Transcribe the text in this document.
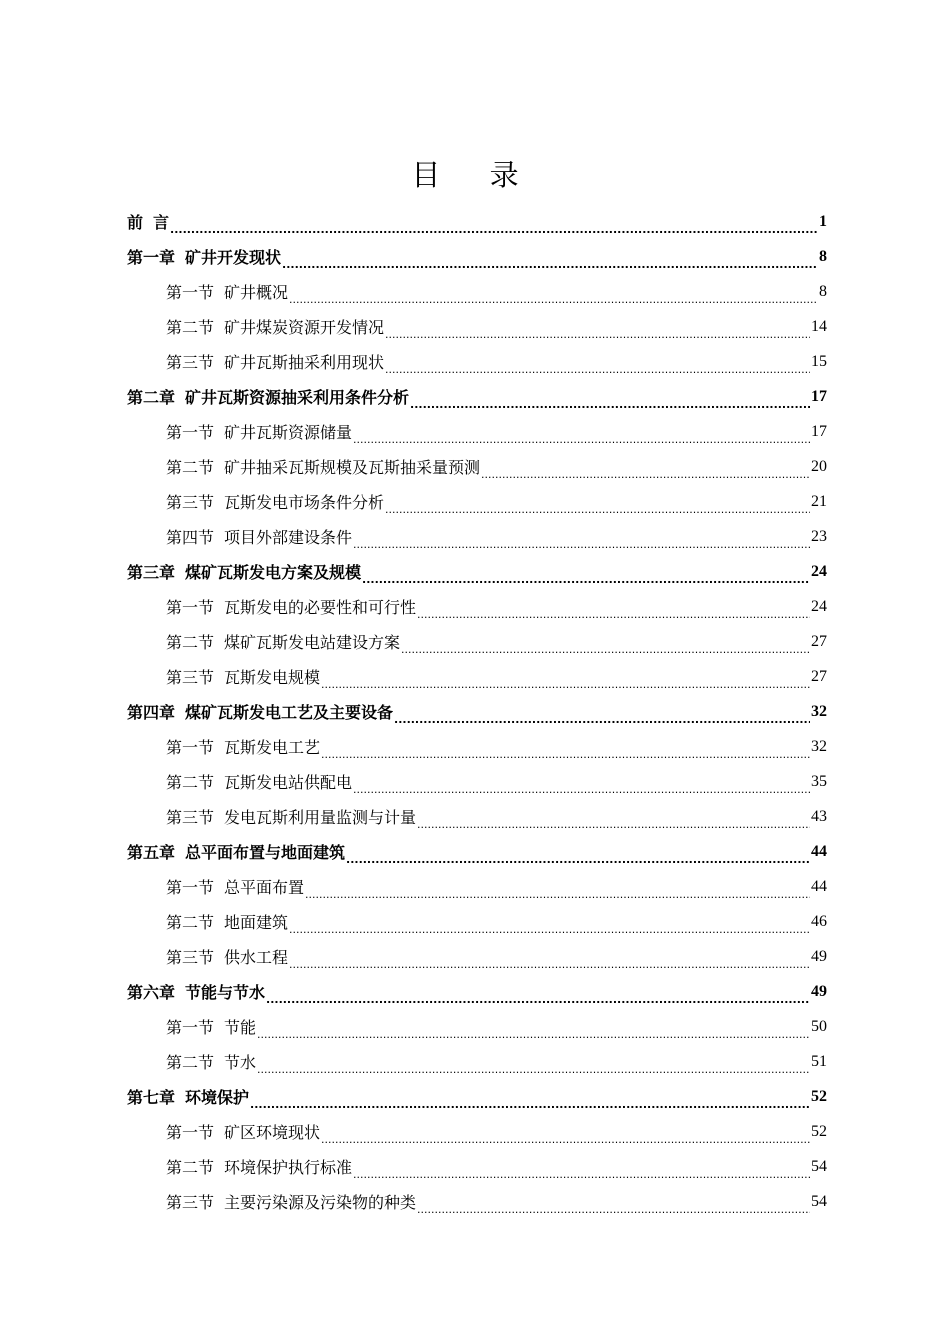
目 录
前 言 .....	1
第一章 矿井开发现状 .....	8
第一节 矿井概况 .....	8
第二节 矿井煤炭资源开发情况 .....	14
第三节 矿井瓦斯抽采利用现状 .....	15
第二章 矿井瓦斯资源抽采利用条件分析 .....	17
第一节 矿井瓦斯资源储量 .....	17
第二节 矿井抽采瓦斯规模及瓦斯抽采量预测 .....	20
第三节 瓦斯发电市场条件分析 .....	21
第四节 项目外部建设条件 .....	23
第三章 煤矿瓦斯发电方案及规模 .....	24
第一节 瓦斯发电的必要性和可行性 .....	24
第二节 煤矿瓦斯发电站建设方案 .....	27
第三节 瓦斯发电规模 .....	27
第四章 煤矿瓦斯发电工艺及主要设备 .....	32
第一节 瓦斯发电工艺 .....	32
第二节 瓦斯发电站供配电 .....	35
第三节 发电瓦斯利用量监测与计量 .....	43
第五章 总平面布置与地面建筑 .....	44
第一节 总平面布置 .....	44
第二节 地面建筑 .....	46
第三节 供水工程 .....	49
第六章 节能与节水 .....	49
第一节 节能 .....	50
第二节 节水 .....	51
第七章 环境保护 .....	52
第一节 矿区环境现状 .....	52
第二节 环境保护执行标准 .....	54
第三节 主要污染源及污染物的种类 .....	54
